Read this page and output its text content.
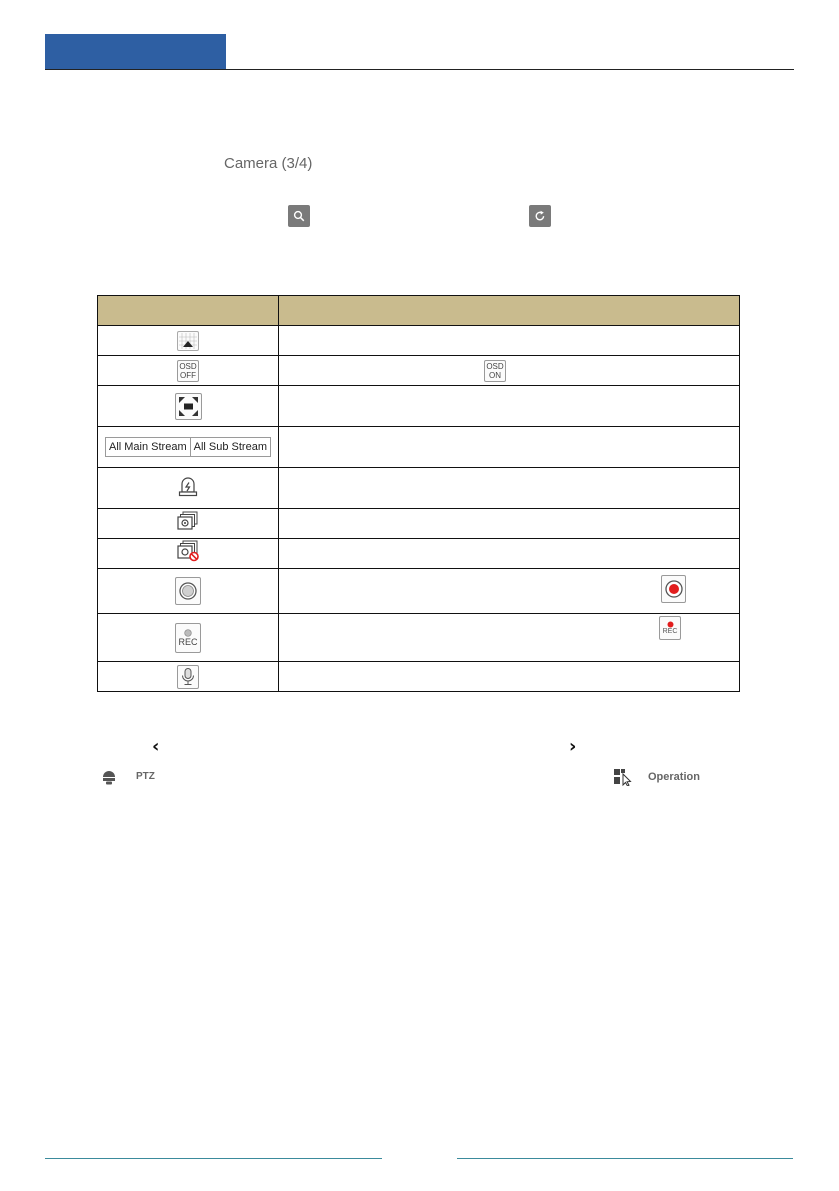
Camera (3/4)

OSD
OFF	OSD
ON

All Main Stream All Sub Stream	

REC	REC

‹	›
PTZ	Operation
